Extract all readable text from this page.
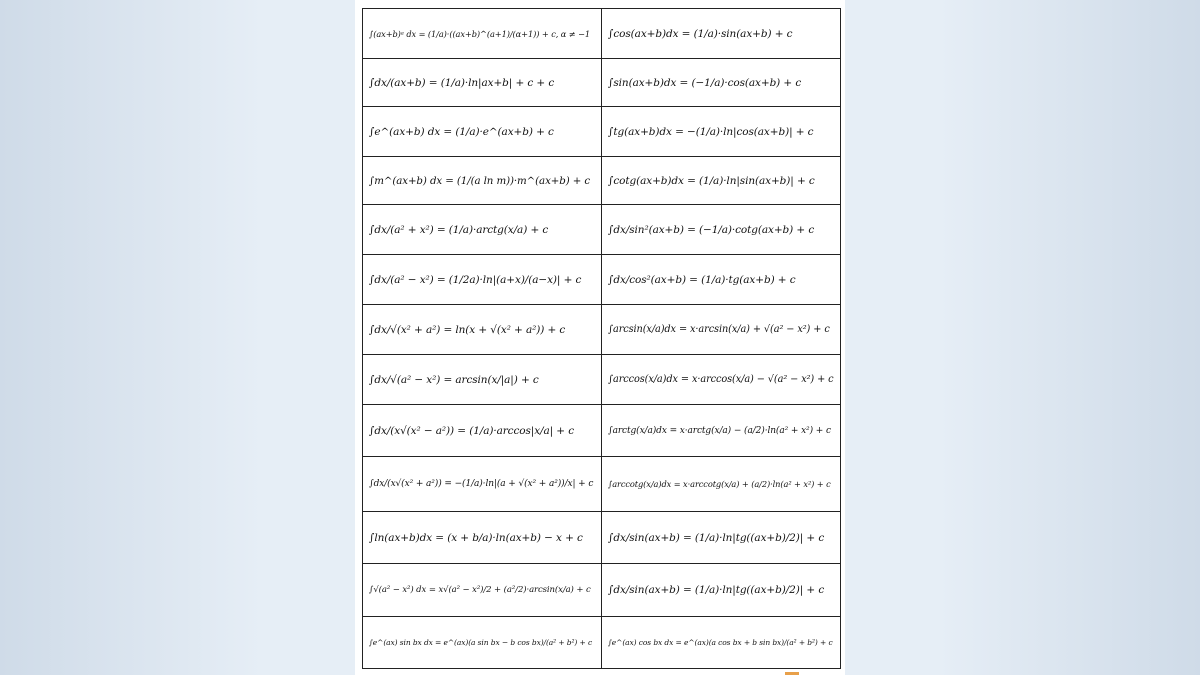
∫(ax+b)ᵃ dx = (1/a)·((ax+b)^(a+1)/(α+1)) + c, α ≠ −1	∫cos(ax+b)dx = (1/a)·sin(ax+b) + c
∫dx/(ax+b) = (1/a)·ln|ax+b| + c + c	∫sin(ax+b)dx = (−1/a)·cos(ax+b) + c
∫e^(ax+b) dx = (1/a)·e^(ax+b) + c	∫tg(ax+b)dx = −(1/a)·ln|cos(ax+b)| + c
∫m^(ax+b) dx = (1/(a ln m))·m^(ax+b) + c	∫cotg(ax+b)dx = (1/a)·ln|sin(ax+b)| + c
∫dx/(a² + x²) = (1/a)·arctg(x/a) + c	∫dx/sin²(ax+b) = (−1/a)·cotg(ax+b) + c
∫dx/(a² − x²) = (1/2a)·ln|(a+x)/(a−x)| + c	∫dx/cos²(ax+b) = (1/a)·tg(ax+b) + c
∫dx/√(x² + a²) = ln(x + √(x² + a²)) + c	∫arcsin(x/a)dx = x·arcsin(x/a) + √(a² − x²) + c
∫dx/√(a² − x²) = arcsin(x/|a|) + c	∫arccos(x/a)dx = x·arccos(x/a) − √(a² − x²) + c
∫dx/(x√(x² − a²)) = (1/a)·arccos|x/a| + c	∫arctg(x/a)dx = x·arctg(x/a) − (a/2)·ln(a² + x²) + c
∫dx/(x√(x² + a²)) = −(1/a)·ln|(a + √(x² + a²))/x| + c	∫arccotg(x/a)dx = x·arccotg(x/a) + (a/2)·ln(a² + x²) + c
∫ln(ax+b)dx = (x + b/a)·ln(ax+b) − x + c	∫dx/sin(ax+b) = (1/a)·ln|tg((ax+b)/2)| + c
∫√(a² − x²) dx = x√(a² − x²)/2 + (a²/2)·arcsin(x/a) + c	∫dx/sin(ax+b) = (1/a)·ln|tg((ax+b)/2)| + c
∫e^(ax) sin bx dx = e^(ax)(a sin bx − b cos bx)/(a² + b²) + c	∫e^(ax) cos bx dx = e^(ax)(a cos bx + b sin bx)/(a² + b²) + c
